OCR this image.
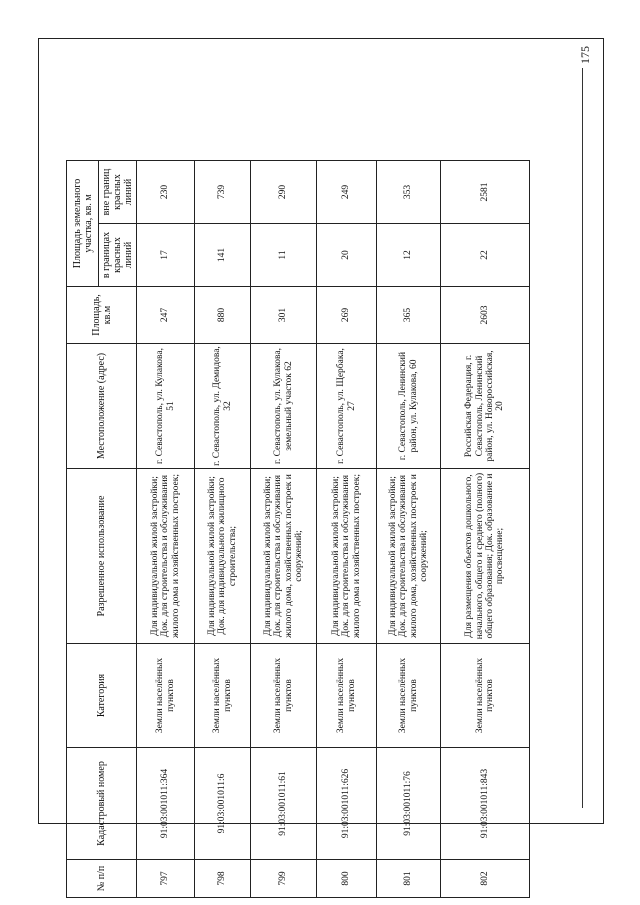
175
№ п/п	Кадастровый номер	Категория	Разрешенное использование	Местоположение (адрес)	Площадь, кв.м	Площадь земельного участка, кв. м	
						в границах красных линий	вне границ красных линий
797	91:03:001011:364	Земли населённых пунктов	Для индивидуальной жилой застройки; Док. для строительства и обслуживания жилого дома и хозяйственных построек;	г. Севастополь, ул. Кулакова, 51	247	17	230
798	91:03:001011:6	Земли населённых пунктов	Для индивидуальной жилой застройки; Док. для индивидуального жилищного строительства;	г. Севастополь, ул. Демидова, 32	880	141	739
799	91:03:001011:61	Земли населённых пунктов	Для индивидуальной жилой застройки; Док. для строительства и обслуживания жилого дома, хозяйственных построек и сооружений;	г. Севастополь, ул. Кулакова, земельный участок 62	301	11	290
800	91:03:001011:626	Земли населённых пунктов	Для индивидуальной жилой застройки; Док. для строительства и обслуживания жилого дома и хозяйственных построек;	г. Севастополь, ул. Щербака, 27	269	20	249
801	91:03:001011:76	Земли населённых пунктов	Для индивидуальной жилой застройки; Док. для строительства и обслуживания жилого дома, хозяйственных построек и сооружений;	г. Севастополь, Ленинский район, ул. Кулакова, 60	365	12	353
802	91:03:001011:843	Земли населённых пунктов	Для размещения объектов дошкольного, начального, общего и среднего (полного) общего образования; Док. образование и просвещение;	Российская Федерация, г. Севастополь, Ленинский район, ул. Новороссийская, 20	2603	22	2581
